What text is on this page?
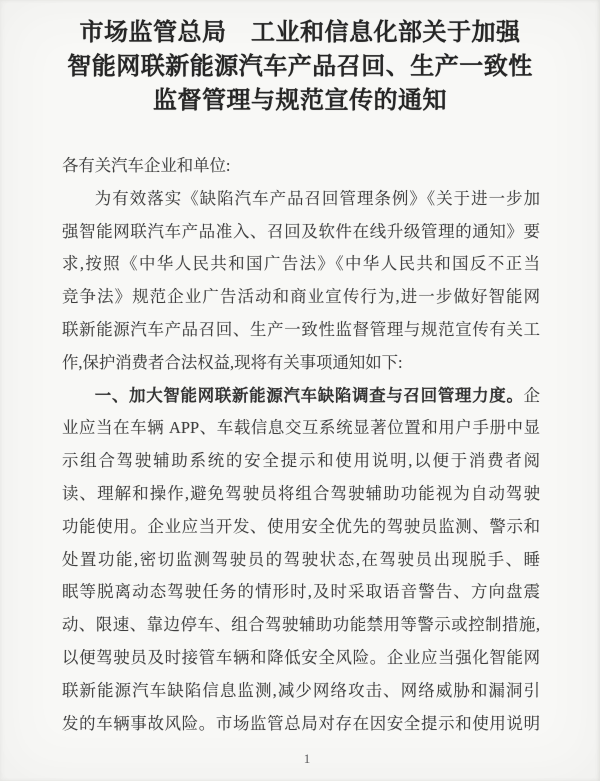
市场监管总局　工业和信息化部关于加强
智能网联新能源汽车产品召回、生产一致性
监督管理与规范宣传的通知
各有关汽车企业和单位:
为有效落实《缺陷汽车产品召回管理条例》《关于进一步加
强智能网联汽车产品准入、召回及软件在线升级管理的通知》要
求,按照《中华人民共和国广告法》《中华人民共和国反不正当
竞争法》规范企业广告活动和商业宣传行为,进一步做好智能网
联新能源汽车产品召回、生产一致性监督管理与规范宣传有关工
作,保护消费者合法权益,现将有关事项通知如下:
一、加大智能网联新能源汽车缺陷调查与召回管理力度。企
业应当在车辆 APP、车载信息交互系统显著位置和用户手册中显
示组合驾驶辅助系统的安全提示和使用说明,以便于消费者阅
读、理解和操作,避免驾驶员将组合驾驶辅助功能视为自动驾驶
功能使用。企业应当开发、使用安全优先的驾驶员监测、警示和
处置功能,密切监测驾驶员的驾驶状态,在驾驶员出现脱手、睡
眠等脱离动态驾驶任务的情形时,及时采取语音警告、方向盘震
动、限速、靠边停车、组合驾驶辅助功能禁用等警示或控制措施,
以便驾驶员及时接管车辆和降低安全风险。企业应当强化智能网
联新能源汽车缺陷信息监测,减少网络攻击、网络威胁和漏洞引
发的车辆事故风险。市场监管总局对存在因安全提示和使用说明
1
